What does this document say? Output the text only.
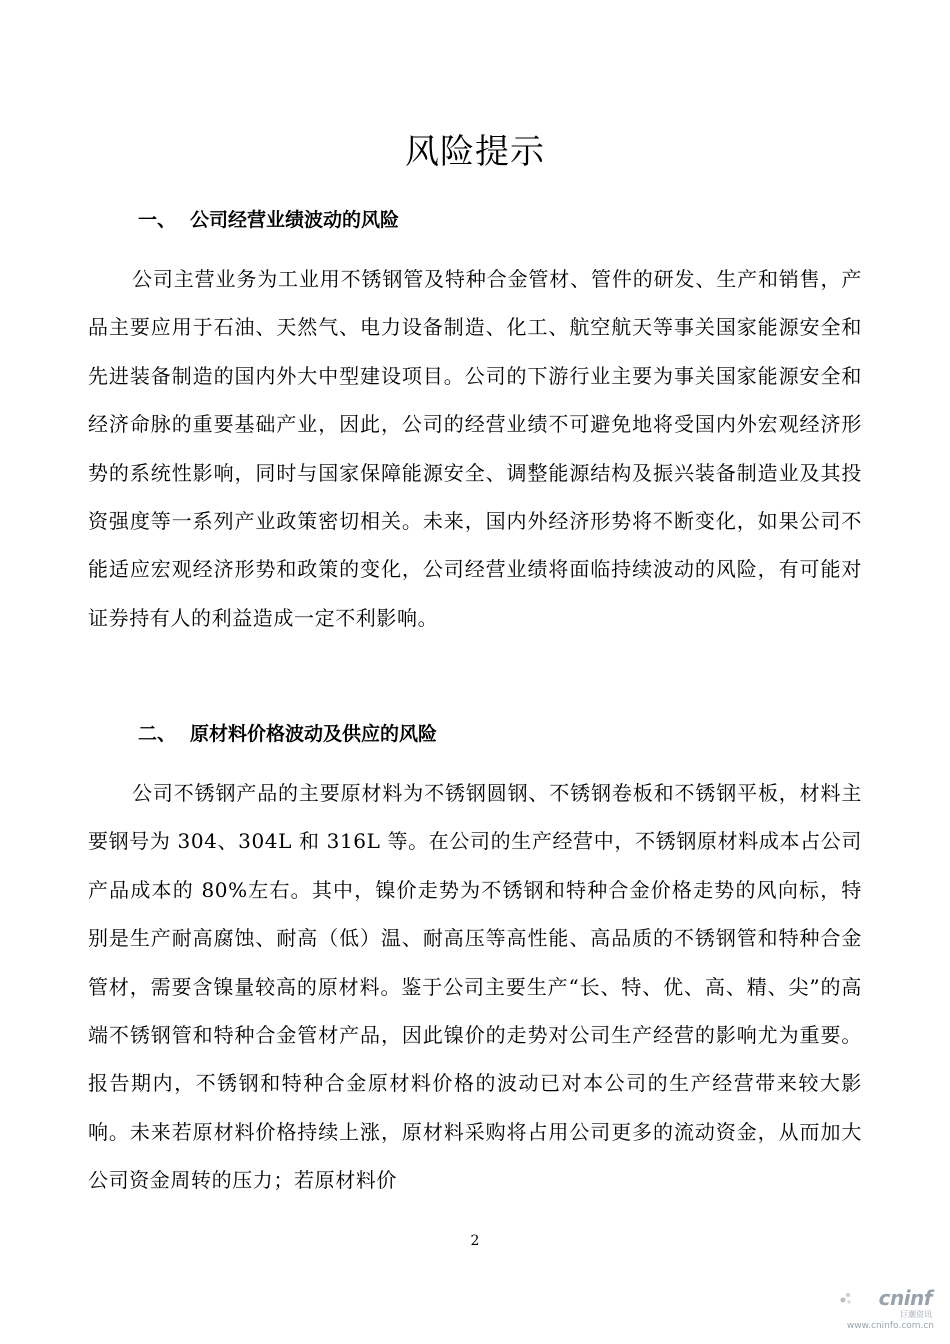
风险提示
一、 公司经营业绩波动的风险

公司主营业务为工业用不锈钢管及特种合金管材、管件的研发、生产和销售，产品主要应用于石油、天然气、电力设备制造、化工、航空航天等事关国家能源安全和先进装备制造的国内外大中型建设项目。公司的下游行业主要为事关国家能源安全和经济命脉的重要基础产业，因此，公司的经营业绩不可避免地将受国内外宏观经济形势的系统性影响，同时与国家保障能源安全、调整能源结构及振兴装备制造业及其投资强度等一系列产业政策密切相关。未来，国内外经济形势将不断变化，如果公司不能适应宏观经济形势和政策的变化，公司经营业绩将面临持续波动的风险，有可能对证券持有人的利益造成一定不利影响。

二、 原材料价格波动及供应的风险

公司不锈钢产品的主要原材料为不锈钢圆钢、不锈钢卷板和不锈钢平板，材料主要钢号为 304、304L 和 316L 等。在公司的生产经营中，不锈钢原材料成本占公司产品成本的 80%左右。其中，镍价走势为不锈钢和特种合金价格走势的风向标，特别是生产耐高腐蚀、耐高（低）温、耐高压等高性能、高品质的不锈钢管和特种合金管材，需要含镍量较高的原材料。鉴于公司主要生产“长、特、优、高、精、尖”的高端不锈钢管和特种合金管材产品，因此镍价的走势对公司生产经营的影响尤为重要。报告期内，不锈钢和特种合金原材料价格的波动已对本公司的生产经营带来较大影响。未来若原材料价格持续上涨，原材料采购将占用公司更多的流动资金，从而加大公司资金周转的压力；若原材料价

2
cninf
巨潮资讯
www.cninfo.com.cn
